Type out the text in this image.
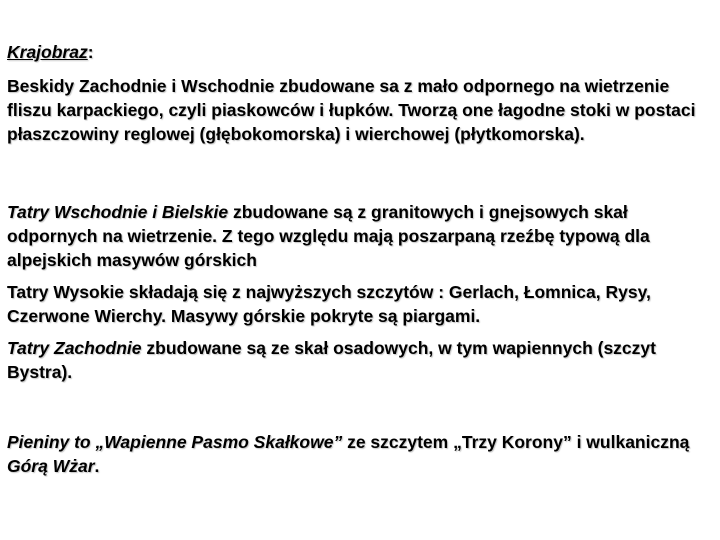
Krajobraz:

Beskidy Zachodnie i Wschodnie zbudowane sa z mało odpornego na wietrzenie fliszu karpackiego, czyli piaskowców i łupków. Tworzą one łagodne stoki w postaci płaszczowiny reglowej (głębokomorska) i wierchowej (płytkomorska).

Tatry Wschodnie i Bielskie zbudowane są z granitowych i gnejsowych skał odpornych na wietrzenie. Z tego względu mają poszarpaną rzeźbę typową dla alpejskich masywów górskich

Tatry Wysokie składają się z najwyższych szczytów : Gerlach, Łomnica, Rysy, Czerwone Wierchy. Masywy górskie pokryte są piargami.

Tatry Zachodnie zbudowane są ze skał osadowych, w tym wapiennych (szczyt Bystra).

Pieniny to „Wapienne Pasmo Skałkowe” ze szczytem „Trzy Korony” i wulkaniczną Górą Wżar.
